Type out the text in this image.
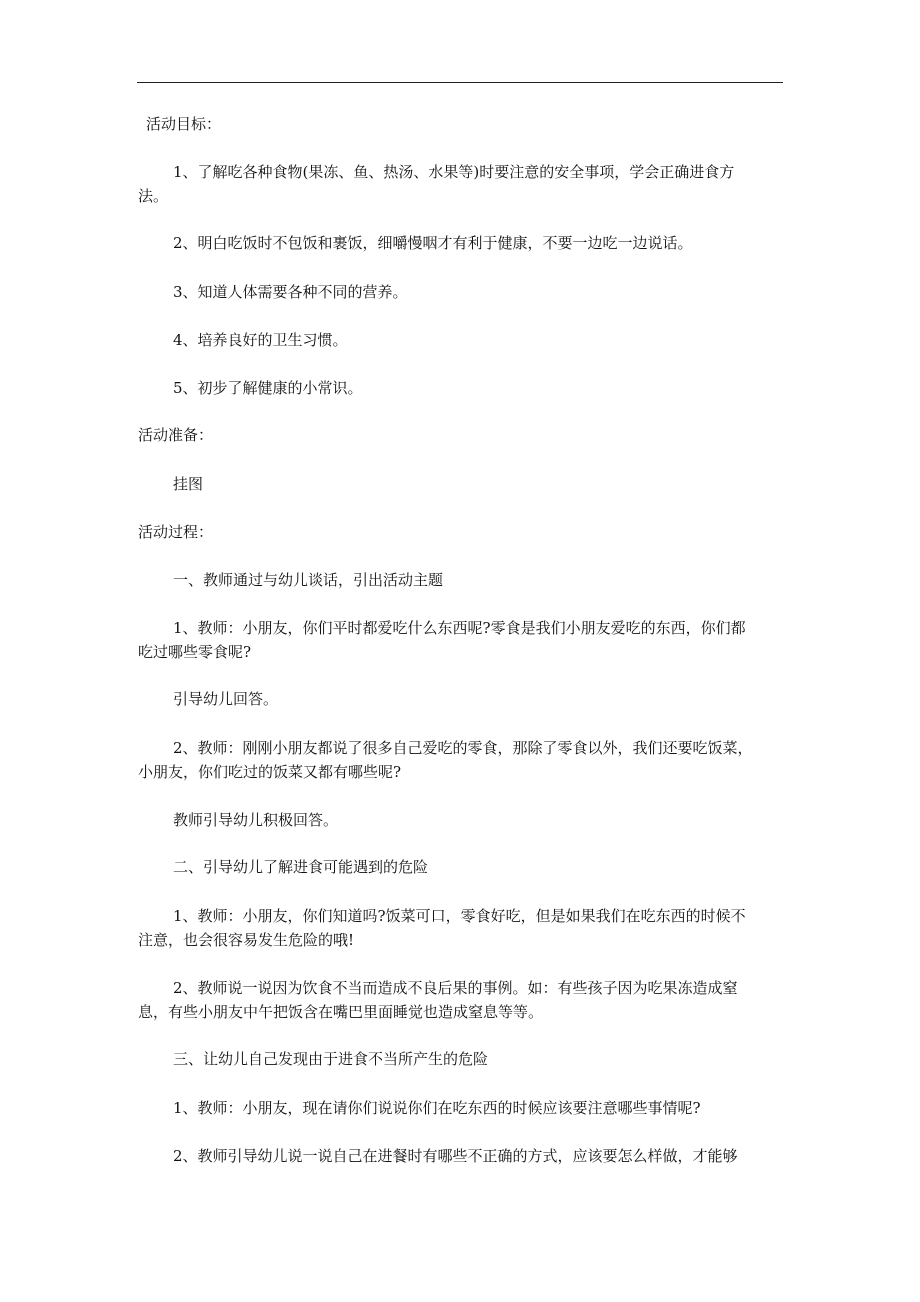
活动目标：
1、了解吃各种食物(果冻、鱼、热汤、水果等)时要注意的安全事项，学会正确进食方
法。
2、明白吃饭时不包饭和裹饭，细嚼慢咽才有利于健康，不要一边吃一边说话。
3、知道人体需要各种不同的营养。
4、培养良好的卫生习惯。
5、初步了解健康的小常识。
活动准备：
挂图
活动过程：
一、教师通过与幼儿谈话，引出活动主题
1、教师：小朋友，你们平时都爱吃什么东西呢?零食是我们小朋友爱吃的东西，你们都
吃过哪些零食呢?
引导幼儿回答。
2、教师：刚刚小朋友都说了很多自己爱吃的零食，那除了零食以外，我们还要吃饭菜，
小朋友，你们吃过的饭菜又都有哪些呢?
教师引导幼儿积极回答。
二、引导幼儿了解进食可能遇到的危险
1、教师：小朋友，你们知道吗?饭菜可口，零食好吃，但是如果我们在吃东西的时候不
注意，也会很容易发生危险的哦!
2、教师说一说因为饮食不当而造成不良后果的事例。如：有些孩子因为吃果冻造成窒
息，有些小朋友中午把饭含在嘴巴里面睡觉也造成窒息等等。
三、让幼儿自己发现由于进食不当所产生的危险
1、教师：小朋友，现在请你们说说你们在吃东西的时候应该要注意哪些事情呢?
2、教师引导幼儿说一说自己在进餐时有哪些不正确的方式，应该要怎么样做，才能够
